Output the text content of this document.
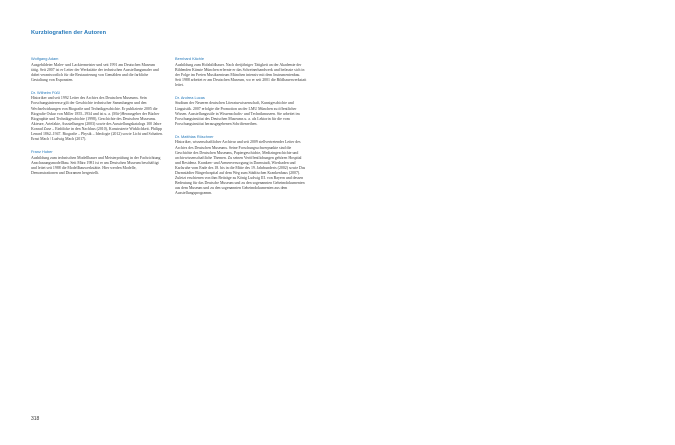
Kurzbiografien der Autoren
Wolfgang Adam
Ausgebildeter Maler- und Lackiermeister und seit 1991 am Deutschen Museum tätig. Seit 2007 ist er Leiter der Werkstätte der technischen Ausstellungsmaler und dabei verantwortlich für die Restaurierung von Gemälden und die farbliche Gestaltung von Exponaten.
Dr. Wilhelm Füßl
Historiker und seit 1992 Leiter des Archivs des Deutschen Museums. Sein Forschungsinteresse gilt der Geschichte technischer Sammlungen und den Wechselwirkungen von Biografie und Technikgeschichte. Er publizierte 2005 die Biografie Oskar von Miller 1855–1934 und ist u. a. (Mit-)Herausgeber der Bücher Biographie und Technikgeschichte (1998), Geschichte des Deutschen Museums. Akteure, Artefakte, Ausstellungen (2003) sowie des Ausstellungskatalogs 100 Jahre Konrad Zuse – Einblicke in den Nachlass (2010), Konstruierte Wirklichkeit. Philipp Lenard 1862–1947. Biografie – Physik – Ideologie (2012) sowie Licht und Schatten. Ernst Mach / Ludwig Mach (2017).
Franz Huber
Ausbildung zum technischen Modellbauer und Meisterprüfung in der Fachrichtung Anschauungsmodellbau. Seit März 1981 ist er am Deutschen Museum beschäftigt und leitet seit 1988 die Modellbauwerkstätte. Hier werden Modelle, Demonstrationen und Dioramen hergestellt.
Bernhard Kächle
Ausbildung zum Holzbildhauer. Nach dreijähriger Tätigkeit an der Akademie der Bildenden Künste München erlernte er das Schreinerhandwerk und befasste sich in der Folge im Freien Musikzentrum München intensiv mit dem Instrumentenbau. Seit 1988 arbeitet er am Deutschen Museum, wo er seit 2001 die Bildhauerwerkstatt leitet.
Dr. Andrea Lucas
Studium der Neueren deutschen Literaturwissenschaft, Kunstgeschichte und Linguistik. 2007 erfolgte die Promotion an der LMU München zu öffentlicher Wissen. Ausstellungsstile in Wissenschafts- und Technikmuseen. Sie arbeitet im Forschungsinstitut des Deutschen Museums u. a. als Lektorin für die vom Forschungsinstitut herausgegebenen Schriftenreihen.
Dr. Matthias Röschner
Historiker, wissenschaftlicher Archivar und seit 2009 stellvertretender Leiter des Archivs des Deutschen Museums. Seine Forschungsschwerpunkte sind die Geschichte des Deutschen Museums, Papiergeschichte, Medizingeschichte und archivwissenschaftliche Themen. Zu seinen Veröffentlichungen gehören Hospital und Residenz. Kranken- und Armenversorgung in Darmstadt, Wiesbaden und Karlsruhe vom Ende des 18. bis in die Mitte des 19. Jahrhunderts (2002) sowie Das Darmstädter Bürgerhospital auf dem Weg zum Städtischen Krankenhaus (2007). Zuletzt erschienen von ihm Beiträge zu König Ludwig III. von Bayern und dessen Bedeutung für das Deutsche Museum und zu den sogenannten Geheimdokumenten aus dem Museum und zu den sogenannten Geheimdokumenten aus dem Ausstellungsprogramm.
318
